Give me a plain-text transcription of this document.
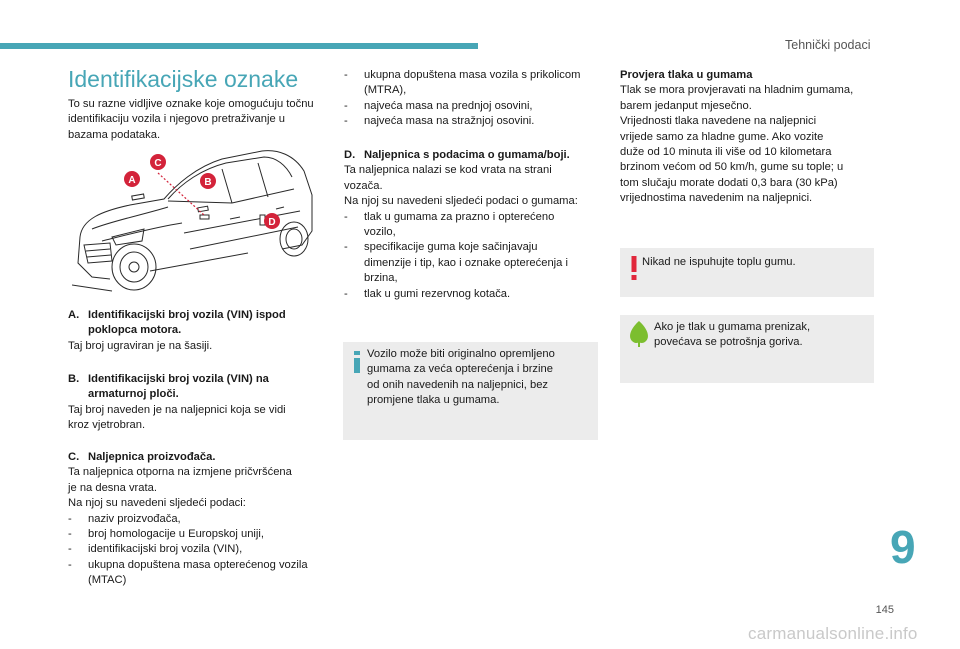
Tehnički podaci
Identifikacijske oznake
To su razne vidljive oznake koje omogućuju točnu identifikaciju vozila i njegovo pretraživanje u bazama podataka.
A	B
C
D
A. Identifikacijski broj vozila (VIN) ispod
poklopca motora.
Taj broj ugraviran je na šasiji.
B. Identifikacijski broj vozila (VIN) na
armaturnoj ploči.
Taj broj naveden je na naljepnici koja se vidi
kroz vjetrobran.
C. Naljepnica proizvođača.
Ta naljepnica otporna na izmjene pričvršćena
je na desna vrata.
Na njoj su navedeni sljedeći podaci:
-	naziv proizvođača,
-	broj homologacije u Europskoj uniji,
-	identifikacijski broj vozila (VIN),
-	ukupna dopuštena masa opterećenog vozila
(MTAC)
-	ukupna dopuštena masa vozila s prikolicom
(MTRA),
-	najveća masa na prednjoj osovini,
-	najveća masa na stražnjoj osovini.
D. Naljepnica s podacima o gumama/boji.
Ta naljepnica nalazi se kod vrata na strani
vozača.
Na njoj su navedeni sljedeći podaci o gumama:
-	tlak u gumama za prazno i opterećeno
vozilo,
-	specifikacije guma koje sačinjavaju
dimenzije i tip, kao i oznake opterećenja i
brzina,
-	tlak u gumi rezervnog kotača.
Vozilo može biti originalno opremljeno
gumama za veća opterećenja i brzine
od onih navedenih na naljepnici, bez
promjene tlaka u gumama.
Provjera tlaka u gumama
Tlak se mora provjeravati na hladnim gumama,
barem jedanput mjesečno.
Vrijednosti tlaka navedene na naljepnici
vrijede samo za hladne gume. Ako vozite
duže od 10 minuta ili više od 10 kilometara
brzinom većom od 50 km/h, gume su tople; u
tom slučaju morate dodati 0,3 bara (30 kPa)
vrijednostima navedenim na naljepnici.
Nikad ne ispuhujte toplu gumu.
Ako je tlak u gumama prenizak,
povećava se potrošnja goriva.
9
145
carmanualsonline.info
